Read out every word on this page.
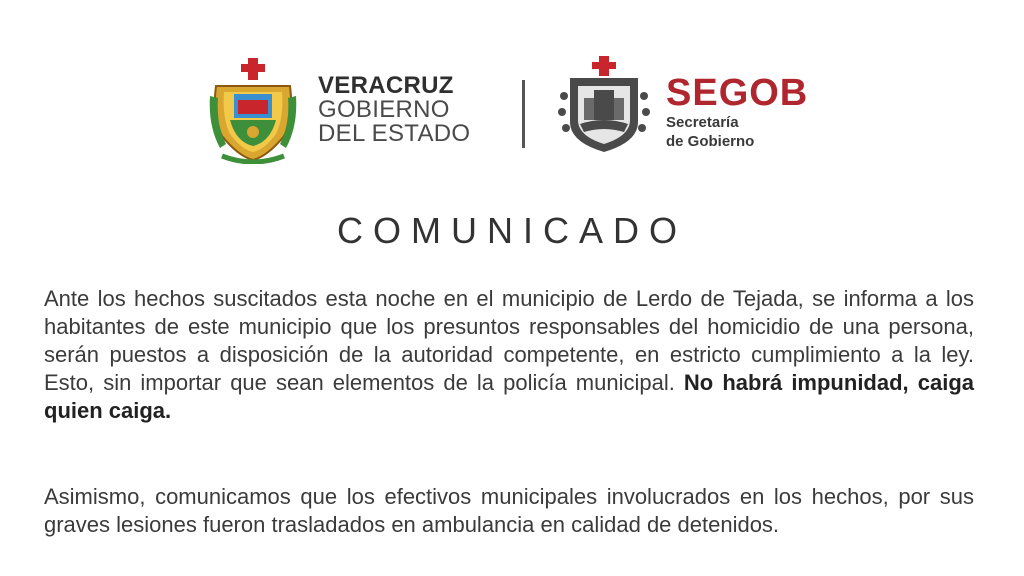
VERACRUZ
GOBIERNO
DEL ESTADO
SEGOB
Secretaría
de Gobierno
COMUNICADO

Ante los hechos suscitados esta noche en el municipio de Lerdo de Tejada, se informa a los habitantes de este municipio que los presuntos responsables del homicidio de una persona, serán puestos a disposición de la autoridad competente, en estricto cumplimiento a la ley. Esto, sin importar que sean elementos de la policía municipal. No habrá impunidad, caiga quien caiga.

Asimismo, comunicamos que los efectivos municipales involucrados en los hechos, por sus graves lesiones fueron trasladados en ambulancia en calidad de detenidos.
